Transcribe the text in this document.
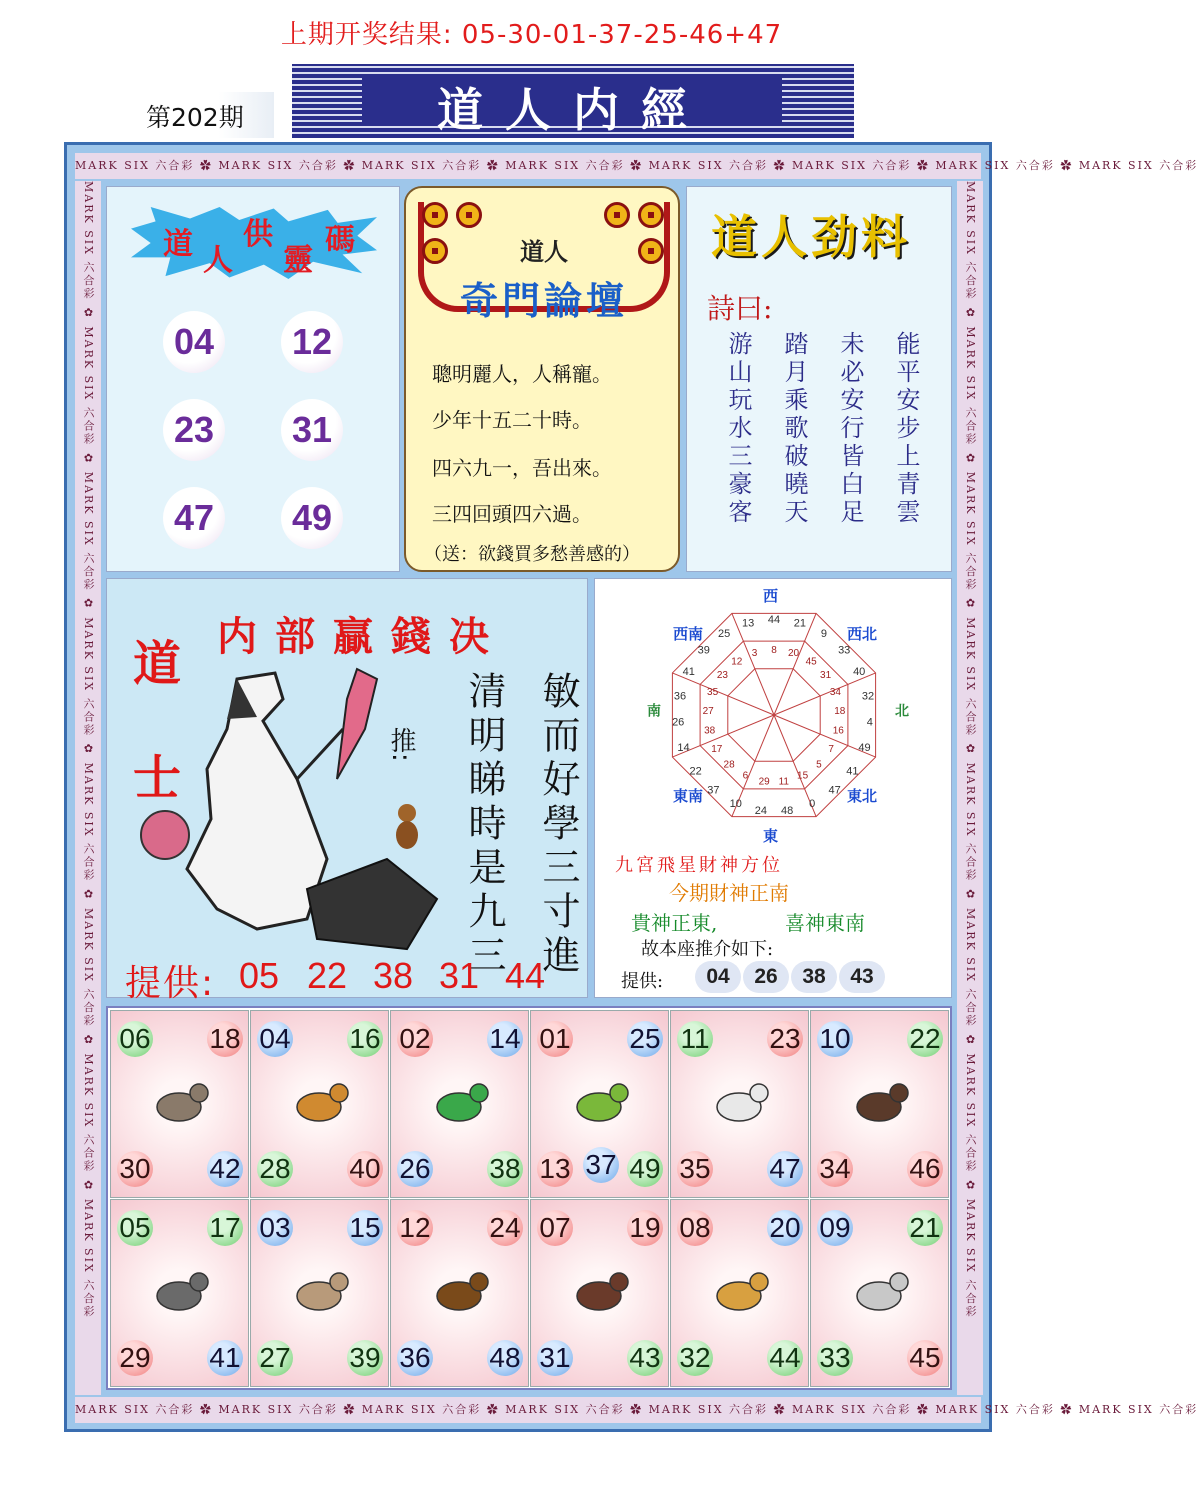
上期开奖结果: 05-30-01-37-25-46+47
第202期	道人内經
MARK SIX 六合彩 ✿ MARK SIX 六合彩 ✿ MARK SIX 六合彩 ✿ MARK SIX 六合彩 ✿ MARK SIX 六合彩 ✿ MARK SIX 六合彩 ✿ MARK SIX 六合彩 ✿ MARK SIX 六合彩
MARK SIX 六合彩 ✿ MARK SIX 六合彩 ✿ MARK SIX 六合彩 ✿ MARK SIX 六合彩 ✿ MARK SIX 六合彩 ✿ MARK SIX 六合彩 ✿ MARK SIX 六合彩 ✿ MARK SIX 六合彩
MARK SIX 六合彩 ✿ MARK SIX 六合彩 ✿ MARK SIX 六合彩 ✿ MARK SIX 六合彩 ✿ MARK SIX 六合彩 ✿ MARK SIX 六合彩 ✿ MARK SIX 六合彩 ✿ MARK SIX 六合彩	MARK SIX 六合彩 ✿ MARK SIX 六合彩 ✿ MARK SIX 六合彩 ✿ MARK SIX 六合彩 ✿ MARK SIX 六合彩 ✿ MARK SIX 六合彩 ✿ MARK SIX 六合彩 ✿ MARK SIX 六合彩
道 人
供
靈
碼
04	12
23	31
47	49
道人
奇門論壇
聰明麗人，人稱寵。
少年十五二十時。
四六九一，吾出來。
三四回頭四六過。
（送：欲錢買多愁善感的）
道人劲料
詩曰:
能平安步上青雲
未必安行皆白足
踏月乘歌破曉天
游山玩水三豪客
内部贏錢决
道
士
推: 清明睇時是九三 敏而好學三寸進
提供: 05 22 38 31 44
44 21
9
33
40
32
4
49
41
47
0
48
24
10
37
22
14
26
36
41
39
25
13
8 20
45
31
34
18
16
7
5
15
11
29
6
28
17
38
27
35
23
12
3
西
東
南	北
西南	西北
東南	東北
九宮飛星財神方位
今期財神正南
貴神正東,	喜神東南
故本座推介如下:
提供:	04	26	38	43
06 18
30 42
04 16
28 40
02 14
26 38
01 25
13 49
37
11 23
35 47
10 22
34 46
05 17
29 41
03 15
27 39
12 24
36 48
07 19
31 43
08 20
32 44
09 21
33 45
